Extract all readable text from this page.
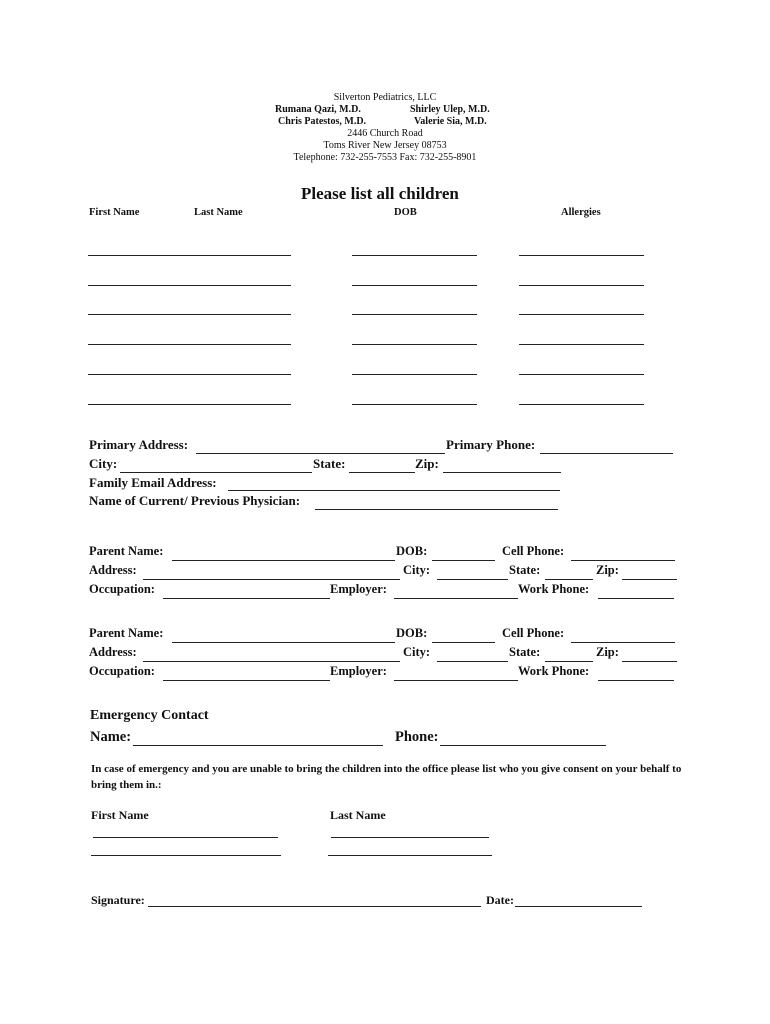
Silverton Pediatrics, LLC
Rumana Qazi, M.D.	Shirley Ulep, M.D.
Chris Patestos, M.D.	Valerie Sia, M.D.
2446 Church Road
Toms River New Jersey 08753
Telephone: 732-255-7553 Fax: 732-255-8901
Please list all children
First Name	Last Name	DOB	Allergies
Primary Address:	Primary Phone:
City:	State:	Zip:
Family Email Address:
Name of Current/ Previous Physician:
Parent Name:	DOB:	Cell Phone:
Address:	City:	State:	Zip:
Occupation:	Employer:	Work Phone:
Parent Name:	DOB:	Cell Phone:
Address:	City:	State:	Zip:
Occupation:	Employer:	Work Phone:
Emergency Contact
Name:	Phone:
In case of emergency and you are unable to bring the children into the office please list who you give consent on your behalf to bring them in.:
First Name	Last Name
Signature:	Date:
